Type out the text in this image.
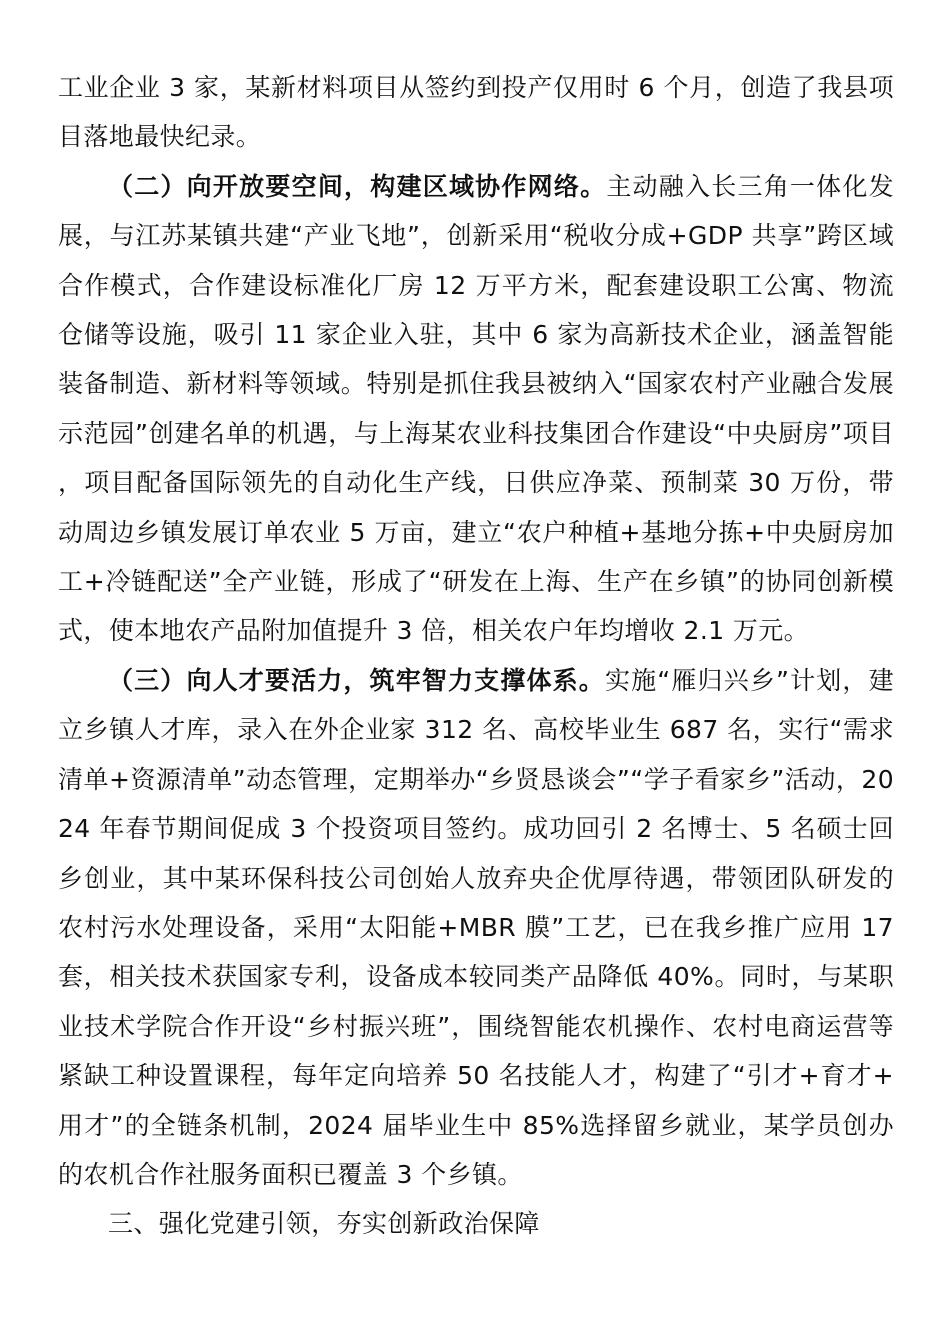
工业企业 3 家，某新材料项目从签约到投产仅用时 6 个月，创造了我县项目落地最快纪录。

（二）向开放要空间，构建区域协作网络。主动融入长三角一体化发展，与江苏某镇共建“产业飞地”，创新采用“税收分成+GDP 共享”跨区域合作模式，合作建设标准化厂房 12 万平方米，配套建设职工公寓、物流仓储等设施，吸引 11 家企业入驻，其中 6 家为高新技术企业，涵盖智能装备制造、新材料等领域。特别是抓住我县被纳入“国家农村产业融合发展示范园”创建名单的机遇，与上海某农业科技集团合作建设“中央厨房”项目，项目配备国际领先的自动化生产线，日供应净菜、预制菜 30 万份，带动周边乡镇发展订单农业 5 万亩，建立“农户种植+基地分拣+中央厨房加工+冷链配送”全产业链，形成了“研发在上海、生产在乡镇”的协同创新模式，使本地农产品附加值提升 3 倍，相关农户年均增收 2.1 万元。

（三）向人才要活力，筑牢智力支撑体系。实施“雁归兴乡”计划，建立乡镇人才库，录入在外企业家 312 名、高校毕业生 687 名，实行“需求清单+资源清单”动态管理，定期举办“乡贤恳谈会”“学子看家乡”活动，2024 年春节期间促成 3 个投资项目签约。成功回引 2 名博士、5 名硕士回乡创业，其中某环保科技公司创始人放弃央企优厚待遇，带领团队研发的农村污水处理设备，采用“太阳能+MBR 膜”工艺，已在我乡推广应用 17 套，相关技术获国家专利，设备成本较同类产品降低 40%。同时，与某职业技术学院合作开设“乡村振兴班”，围绕智能农机操作、农村电商运营等紧缺工种设置课程，每年定向培养 50 名技能人才，构建了“引才+育才+用才”的全链条机制，2024 届毕业生中 85%选择留乡就业，某学员创办的农机合作社服务面积已覆盖 3 个乡镇。

三、强化党建引领，夯实创新政治保障
